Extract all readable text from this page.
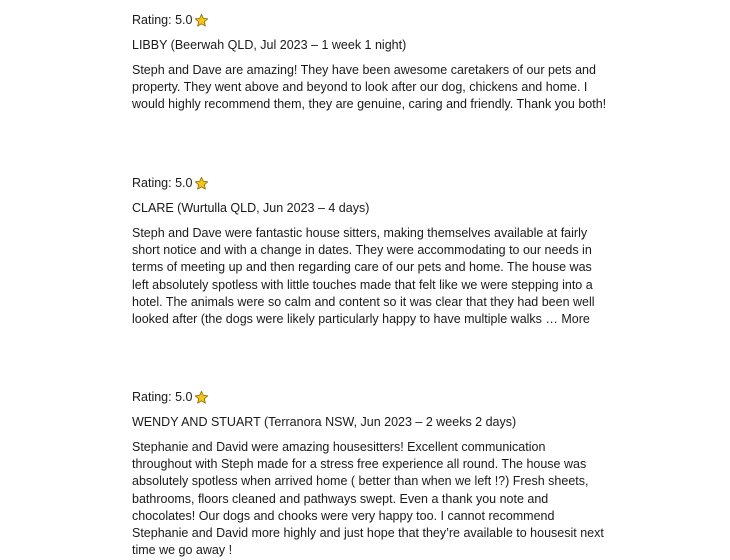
Rating: 5.0
LIBBY (Beerwah QLD, Jul 2023 – 1 week 1 night)

Steph and Dave are amazing! They have been awesome caretakers of our pets and property. They went above and beyond to look after our dog, chickens and home. I would highly recommend them, they are genuine, caring and friendly. Thank you both!

Rating: 5.0
CLARE (Wurtulla QLD, Jun 2023 – 4 days)

Steph and Dave were fantastic house sitters, making themselves available at fairly short notice and with a change in dates. They were accommodating to our needs in terms of meeting up and then regarding care of our pets and home. The house was left absolutely spotless with little touches made that felt like we were stepping into a hotel. The animals were so calm and content so it was clear that they had been well looked after (the dogs were likely particularly happy to have multiple walks … More

Rating: 5.0
WENDY AND STUART (Terranora NSW, Jun 2023 – 2 weeks 2 days)

Stephanie and David were amazing housesitters! Excellent communication throughout with Steph made for a stress free experience all round. The house was absolutely spotless when arrived home ( better than when we left !?) Fresh sheets, bathrooms, floors cleaned and pathways swept. Even a thank you note and chocolates! Our dogs and chooks were very happy too. I cannot recommend Stephanie and David more highly and just hope that they’re available to housesit next time we go away !
